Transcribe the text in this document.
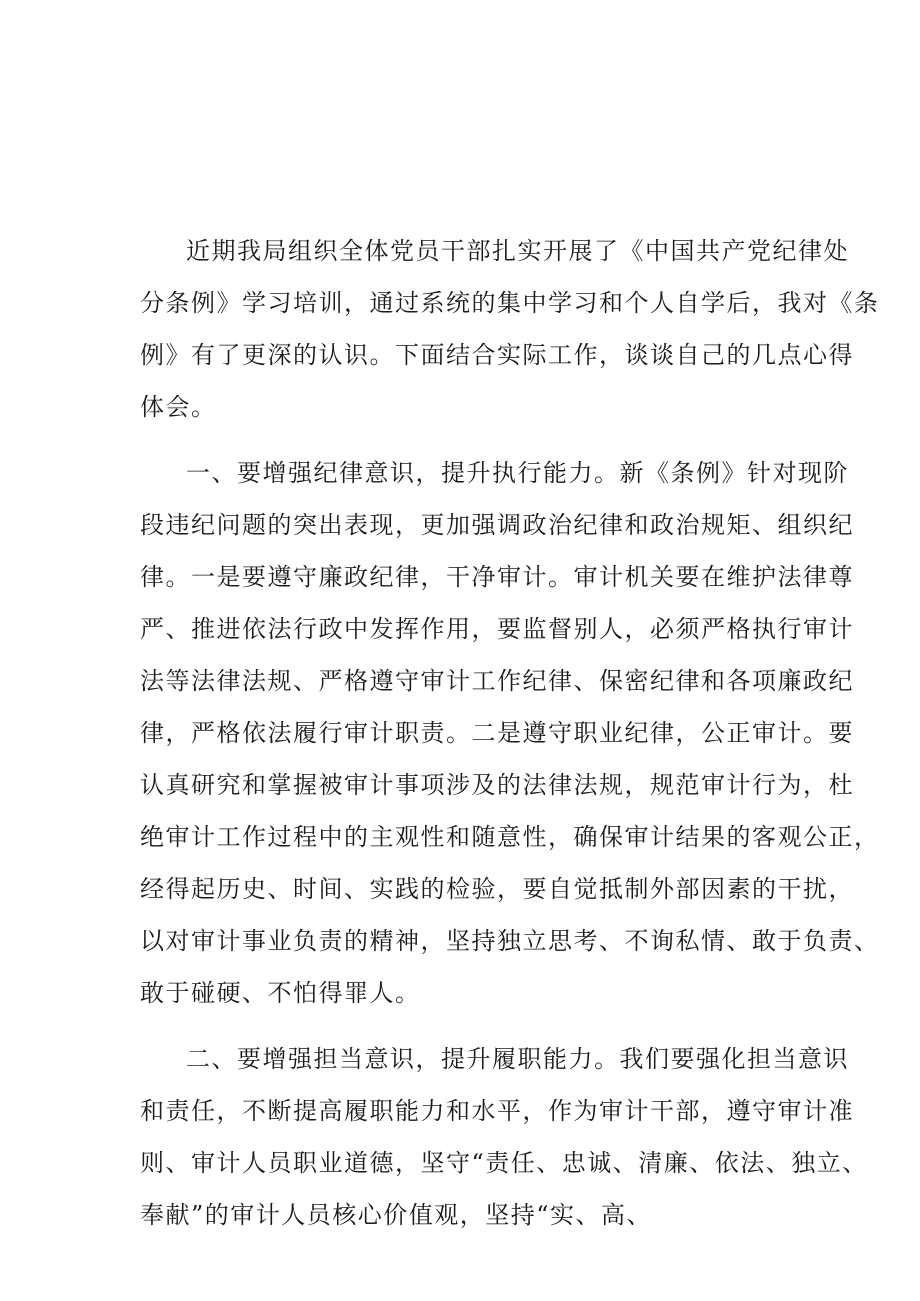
近期我局组织全体党员干部扎实开展了《中国共产党纪律处
分条例》学习培训，通过系统的集中学习和个人自学后，我对《条
例》有了更深的认识。下面结合实际工作，谈谈自己的几点心得
体会。
一、要增强纪律意识，提升执行能力。新《条例》针对现阶
段违纪问题的突出表现，更加强调政治纪律和政治规矩、组织纪
律。一是要遵守廉政纪律，干净审计。审计机关要在维护法律尊
严、推进依法行政中发挥作用，要监督别人，必须严格执行审计
法等法律法规、严格遵守审计工作纪律、保密纪律和各项廉政纪
律，严格依法履行审计职责。二是遵守职业纪律，公正审计。要
认真研究和掌握被审计事项涉及的法律法规，规范审计行为，杜
绝审计工作过程中的主观性和随意性，确保审计结果的客观公正，
经得起历史、时间、实践的检验，要自觉抵制外部因素的干扰，
以对审计事业负责的精神，坚持独立思考、不询私情、敢于负责、
敢于碰硬、不怕得罪人。
二、要增强担当意识，提升履职能力。我们要强化担当意识
和责任，不断提高履职能力和水平，作为审计干部，遵守审计准
则、审计人员职业道德，坚守“责任、忠诚、清廉、依法、独立、
奉献”的审计人员核心价值观，坚持“实、高、
